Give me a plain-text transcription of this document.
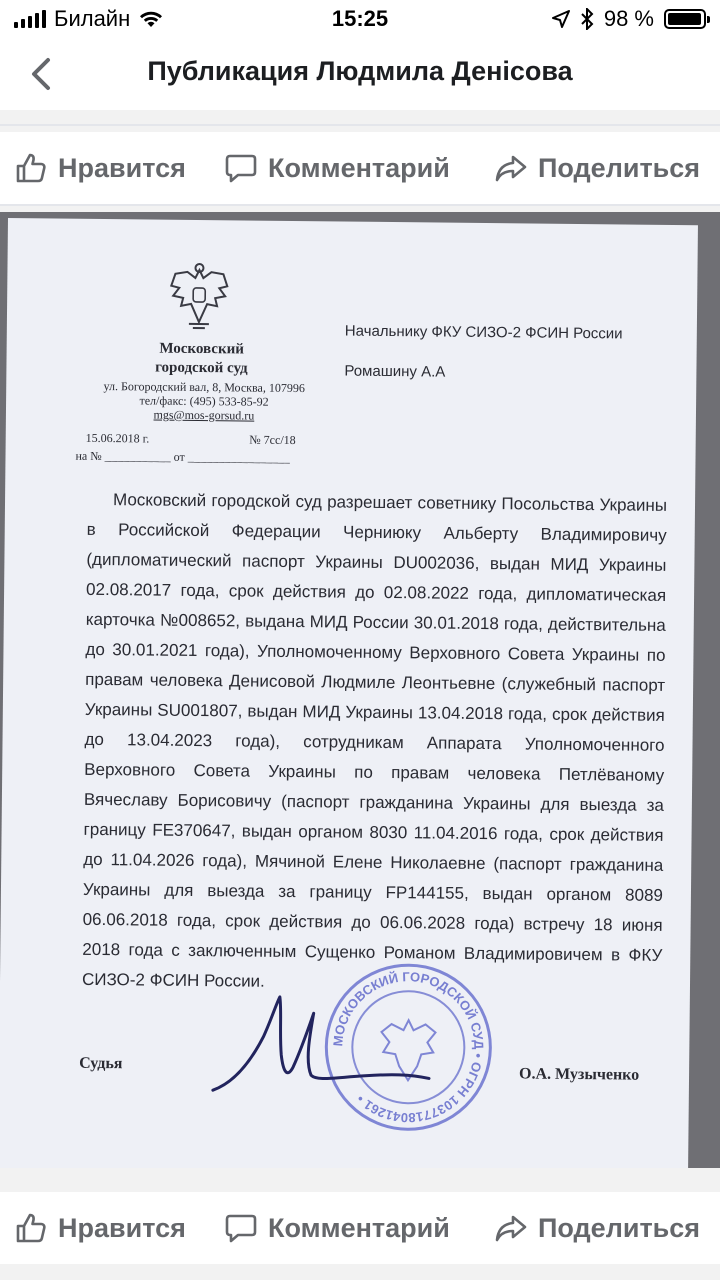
Билайн	15:25	98 %
Публикация Людмила Денісова
Нравится	Комментарий	Поделиться
Московский
городской суд
ул. Богородский вал, 8, Москва, 107996
тел/факс: (495) 533-85-92
mgs@mos-gorsud.ru
15.06.2018 г.	№ 7сс/18
на № ___________ от _________________
Начальнику ФКУ СИЗО-2 ФСИН России
Ромашину А.А
Московский городской суд разрешает советнику Посольства Украины в Российской Федерации Черниюку Альберту Владимировичу (дипломатический паспорт Украины DU002036, выдан МИД Украины 02.08.2017 года, срок действия до 02.08.2022 года, дипломатическая карточка №008652, выдана МИД России 30.01.2018 года, действительна до 30.01.2021 года), Уполномоченному Верховного Совета Украины по правам человека Денисовой Людмиле Леонтьевне (служебный паспорт Украины SU001807, выдан МИД Украины 13.04.2018 года, срок действия до 13.04.2023 года), сотрудникам Аппарата Уполномоченного Верховного Совета Украины по правам человека Петлёваному Вячеславу Борисовичу (паспорт гражданина Украины для выезда за границу FE370647, выдан органом 8030 11.04.2016 года, срок действия до 11.04.2026 года), Мячиной Елене Николаевне (паспорт гражданина Украины для выезда за границу FP144155, выдан органом 8089 06.06.2018 года, срок действия до 06.06.2028 года) встречу 18 июня 2018 года с заключенным Сущенко Романом Владимировичем в ФКУ СИЗО-2 ФСИН России.
Судья
МОСКОВСКИЙ ГОРОДСКОЙ СУД • ОГРН 1037718041261 •
О.А. Музыченко
Нравится	Комментарий	Поделиться
